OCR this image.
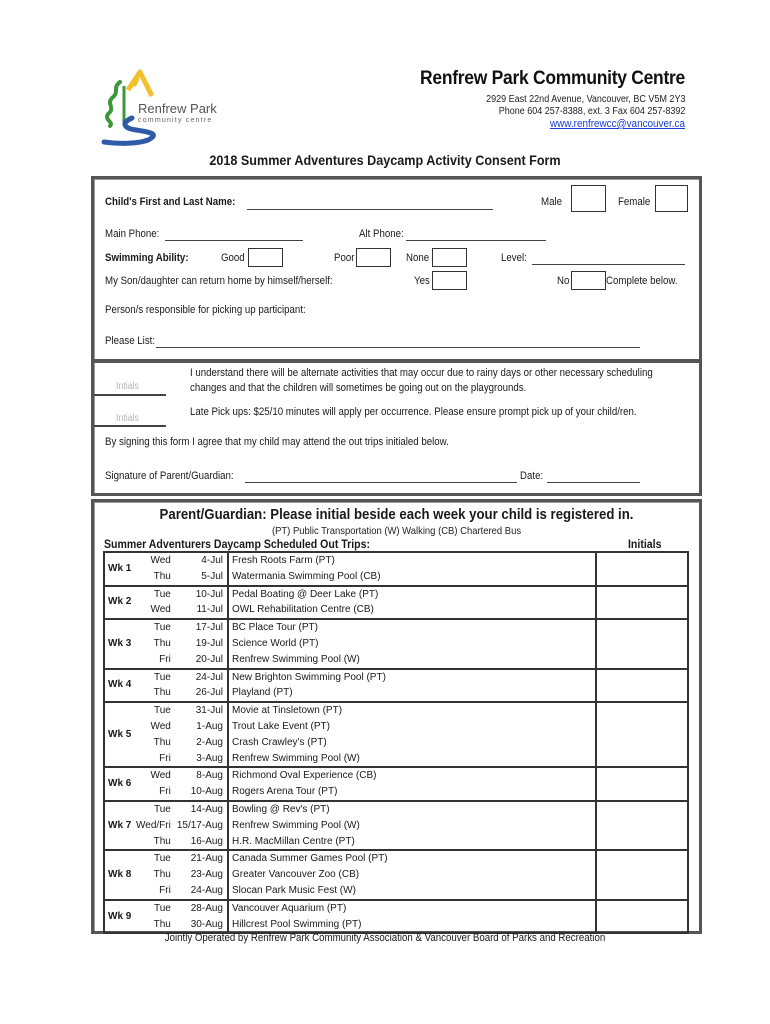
Renfrew Park
community centre
Renfrew Park Community Centre
2929 East 22nd Avenue, Vancouver, BC V5M 2Y3
Phone 604 257-8388, ext. 3 Fax 604 257-8392
www.renfrewcc@vancouver.ca
2018 Summer Adventures Daycamp Activity Consent Form
Child's First and Last Name:	Male	Female
Main Phone:	Alt Phone:
Swimming Ability:	Good	Poor	None	Level:
My Son/daughter can return home by himself/herself:	Yes	No	Complete below.
Person/s responsible for picking up participant:
Please List:
Intials
I understand there will be alternate activities that may occur due to rainy days or other necessary scheduling
changes and that the children will sometimes be going out on the playgrounds.
Intials
Late Pick ups: $25/10 minutes will apply per occurrence. Please ensure prompt pick up of your child/ren.
By signing this form I agree that my child may attend the out trips initialed below.
Signature of Parent/Guardian:	Date:
Parent/Guardian: Please initial beside each week your child is registered in.
(PT) Public Transportation (W) Walking (CB) Chartered Bus
Summer Adventurers Daycamp Scheduled Out Trips:	Initials
Wk 1	Wed	4-Jul	Fresh Roots Farm (PT)	
	Thu	5-Jul	Watermania Swimming Pool (CB)	
Wk 2	Tue	10-Jul	Pedal Boating @ Deer Lake (PT)	
	Wed	11-Jul	OWL Rehabilitation Centre (CB)	
Wk 3	Tue	17-Jul	BC Place Tour (PT)	
	Thu	19-Jul	Science World (PT)	
	Fri	20-Jul	Renfrew Swimming Pool (W)	
Wk 4	Tue	24-Jul	New Brighton Swimming Pool (PT)	
	Thu	26-Jul	Playland (PT)	
Wk 5	Tue	31-Jul	Movie at Tinsletown (PT)	
	Wed	1-Aug	Trout Lake Event (PT)	
	Thu	2-Aug	Crash Crawley's (PT)	
	Fri	3-Aug	Renfrew Swimming Pool (W)	
Wk 6	Wed	8-Aug	Richmond Oval Experience (CB)	
	Fri	10-Aug	Rogers Arena Tour (PT)	
Wk 7	Tue	14-Aug	Bowling @ Rev's (PT)	
	Wed/Fri	15/17-Aug	Renfrew Swimming Pool (W)	
	Thu	16-Aug	H.R. MacMillan Centre (PT)	
Wk 8	Tue	21-Aug	Canada Summer Games Pool (PT)	
	Thu	23-Aug	Greater Vancouver Zoo (CB)	
	Fri	24-Aug	Slocan Park Music Fest (W)	
Wk 9	Tue	28-Aug	Vancouver Aquarium (PT)	
	Thu	30-Aug	Hillcrest Pool Swimming (PT)	
Jointly Operated by Renfrew Park Community Association & Vancouver Board of Parks and Recreation
